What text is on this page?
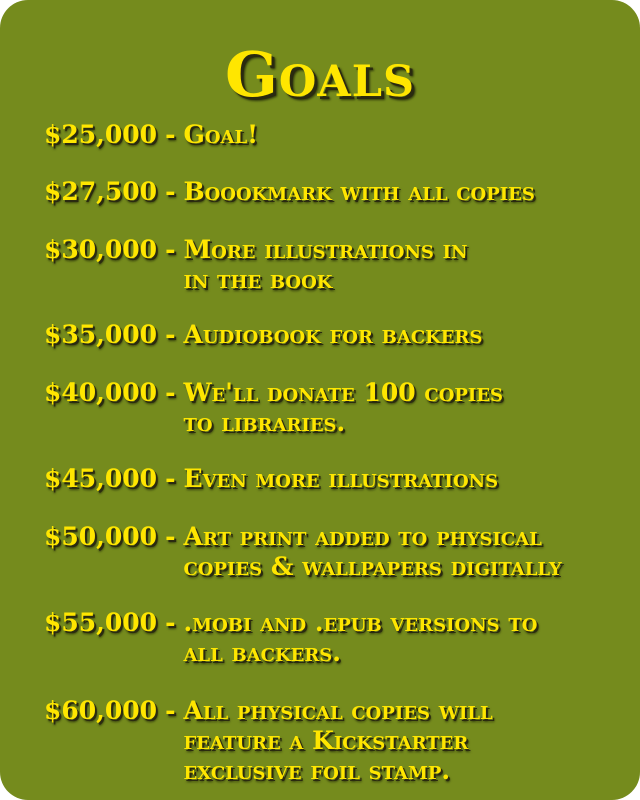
Goals
$25,000 - Goal!
$27,500 - Boookmark with all copies
$30,000 - More illustrations in
in the book
$35,000 - Audiobook for backers
$40,000 - We'll donate 100 copies
to libraries.
$45,000 - Even more illustrations
$50,000 - Art print added to physical
copies & wallpapers digitally
$55,000 - .mobi and .epub versions to
all backers.
$60,000 - All physical copies will
feature a Kickstarter
exclusive foil stamp.
